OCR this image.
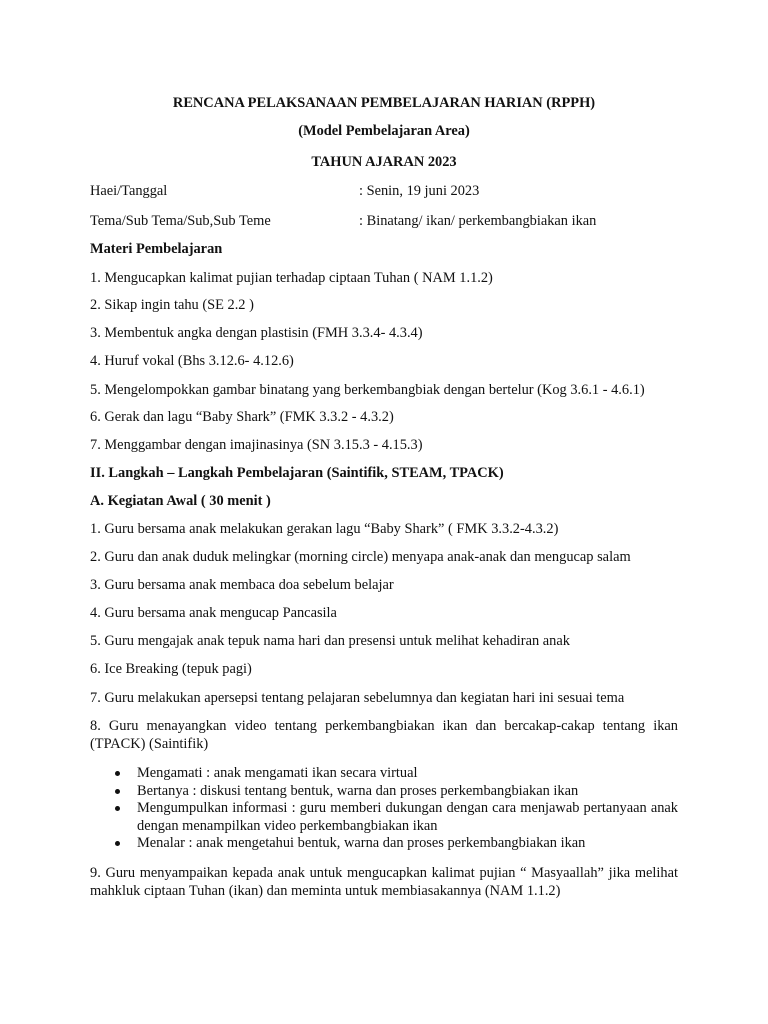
RENCANA PELAKSANAAN PEMBELAJARAN HARIAN (RPPH)
(Model Pembelajaran Area)
TAHUN AJARAN 2023
Haei/Tanggal	: Senin, 19 juni 2023
Tema/Sub Tema/Sub,Sub Teme	: Binatang/ ikan/ perkembangbiakan ikan
Materi Pembelajaran
1. Mengucapkan kalimat pujian terhadap ciptaan Tuhan ( NAM 1.1.2)
2. Sikap ingin tahu (SE 2.2 )
3. Membentuk angka dengan plastisin (FMH 3.3.4- 4.3.4)
4. Huruf vokal (Bhs 3.12.6- 4.12.6)
5. Mengelompokkan gambar binatang yang berkembangbiak dengan bertelur (Kog 3.6.1 - 4.6.1)
6. Gerak dan lagu “Baby Shark” (FMK 3.3.2 - 4.3.2)
7. Menggambar dengan imajinasinya (SN 3.15.3 - 4.15.3)
II. Langkah – Langkah Pembelajaran (Saintifik, STEAM, TPACK)
A. Kegiatan Awal ( 30 menit )
1. Guru bersama anak melakukan gerakan lagu “Baby Shark” ( FMK 3.3.2-4.3.2)
2. Guru dan anak duduk melingkar (morning circle) menyapa anak-anak dan mengucap salam
3. Guru bersama anak membaca doa sebelum belajar
4. Guru bersama anak mengucap Pancasila
5. Guru mengajak anak tepuk nama hari dan presensi untuk melihat kehadiran anak
6. Ice Breaking (tepuk pagi)
7. Guru melakukan apersepsi tentang pelajaran sebelumnya dan kegiatan hari ini sesuai tema
8. Guru menayangkan video tentang perkembangbiakan ikan dan bercakap-cakap tentang ikan (TPACK) (Saintifik)
Mengamati : anak mengamati ikan secara virtual
Bertanya : diskusi tentang bentuk, warna dan proses perkembangbiakan ikan
Mengumpulkan informasi : guru memberi dukungan dengan cara menjawab pertanyaan anak dengan menampilkan video perkembangbiakan ikan
Menalar : anak mengetahui bentuk, warna dan proses perkembangbiakan ikan
9. Guru menyampaikan kepada anak untuk mengucapkan kalimat pujian “ Masyaallah” jika melihat mahkluk ciptaan Tuhan (ikan) dan meminta untuk membiasakannya (NAM 1.1.2)
